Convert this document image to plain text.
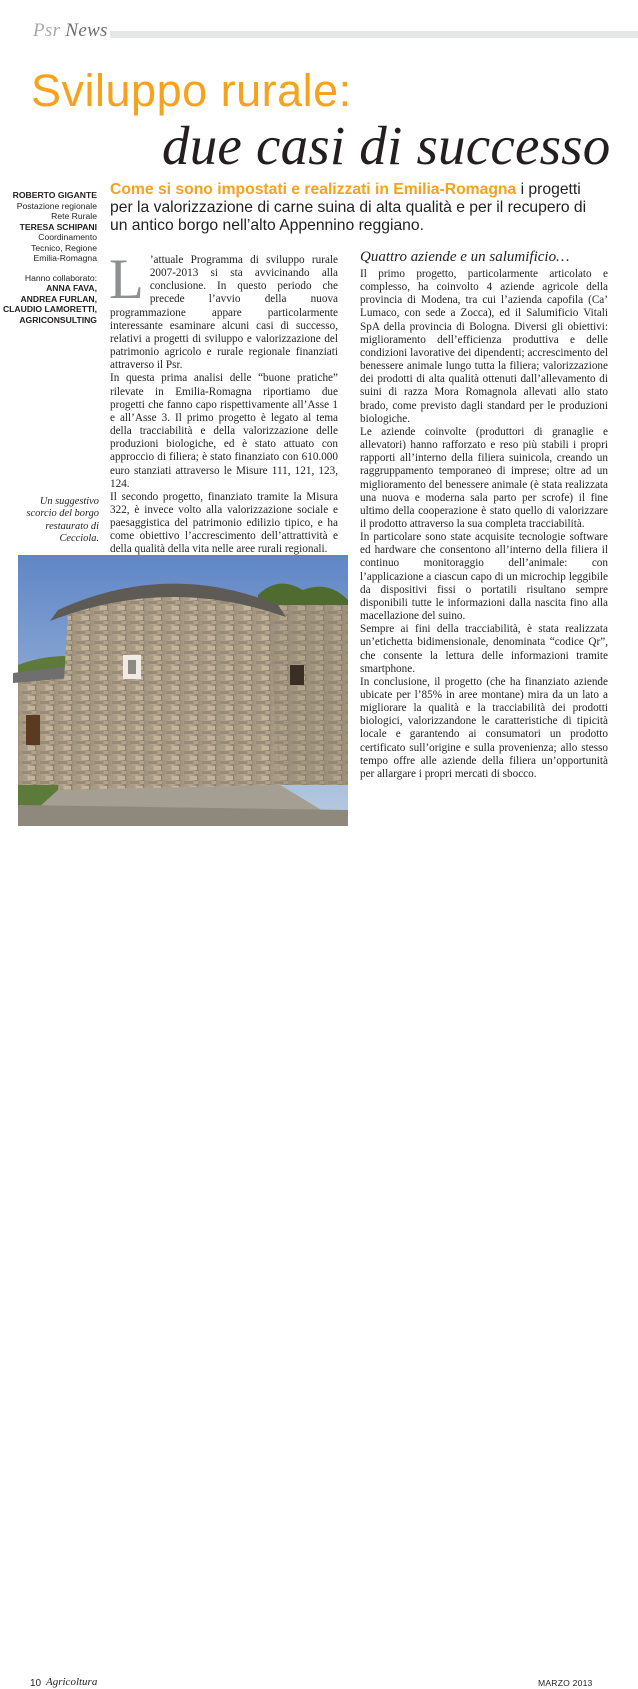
Psr News
Sviluppo rurale:
due casi di successo
ROBERTO GIGANTE
Postazione regionale
Rete Rurale
TERESA SCHIPANI
Coordinamento
Tecnico, Regione
Emilia-Romagna
Hanno collaborato:
ANNA FAVA,
ANDREA FURLAN,
CLAUDIO LAMORETTI,
AGRICONSULTING
Come si sono impostati e realizzati in Emilia-Romagna i progetti per la valorizzazione di carne suina di alta qualità e per il recupero di un antico borgo nell’alto Appennino reggiano.

L ’attuale Programma di sviluppo rurale 2007-2013 si sta avvicinando alla conclusione. In questo periodo che precede l’avvio della nuova programmazione appare particolarmente interessante esaminare alcuni casi di successo, relativi a progetti di sviluppo e valorizzazione del patrimonio agricolo e rurale regionale finanziati attraverso il Psr.

In questa prima analisi delle “buone pratiche” rilevate in Emilia-Romagna riportiamo due progetti che fanno capo rispettivamente all’Asse 1 e all’Asse 3. Il primo progetto è legato al tema della tracciabilità e della valorizzazione delle produzioni biologiche, ed è stato attuato con approccio di filiera; è stato finanziato con 610.000 euro stanziati attraverso le Misure 111, 121, 123, 124.

Il secondo progetto, finanziato tramite la Misura 322, è invece volto alla valorizzazione sociale e paesaggistica del patrimonio edilizio tipico, e ha come obiettivo l’accrescimento dell’attrattività e della qualità della vita nelle aree rurali regionali.

Un suggestivo scorcio del borgo restaurato di Cecciola.
Dell’Aquila
Quattro aziende e un salumificio…

Il primo progetto, particolarmente articolato e complesso, ha coinvolto 4 aziende agricole della provincia di Modena, tra cui l’azienda capofila (Ca’ Lumaco, con sede a Zocca), ed il Salumificio Vitali SpA della provincia di Bologna. Diversi gli obiettivi: miglioramento dell’efficienza produttiva e delle condizioni lavorative dei dipendenti; accrescimento del benessere animale lungo tutta la filiera; valorizzazione dei prodotti di alta qualità ottenuti dall’allevamento di suini di razza Mora Romagnola allevati allo stato brado, come previsto dagli standard per le produzioni biologiche.

Le aziende coinvolte (produttori di granaglie e allevatori) hanno rafforzato e reso più stabili i propri rapporti all’interno della filiera suinicola, creando un raggruppamento temporaneo di imprese; oltre ad un miglioramento del benessere animale (è stata realizzata una nuova e moderna sala parto per scrofe) il fine ultimo della cooperazione è stato quello di valorizzare il prodotto attraverso la sua completa tracciabilità.

In particolare sono state acquisite tecnologie software ed hardware che consentono all’interno della filiera il continuo monitoraggio dell’animale: con l’applicazione a ciascun capo di un microchip leggibile da dispositivi fissi o portatili risultano sempre disponibili tutte le informazioni dalla nascita fino alla macellazione del suino.

Sempre ai fini della tracciabilità, è stata realizzata un’etichetta bidimensionale, denominata “codice Qr”, che consente la lettura delle informazioni tramite smartphone.

In conclusione, il progetto (che ha finanziato aziende ubicate per l’85% in aree montane) mira da un lato a migliorare la qualità e la tracciabilità dei prodotti biologici, valorizzandone le caratteristiche di tipicità locale e garantendo ai consumatori un prodotto certificato sull’origine e sulla provenienza; allo stesso tempo offre alle aziende della filiera un’opportunità per allargare i propri mercati di sbocco.

10 Agricoltura	MARZO 2013
